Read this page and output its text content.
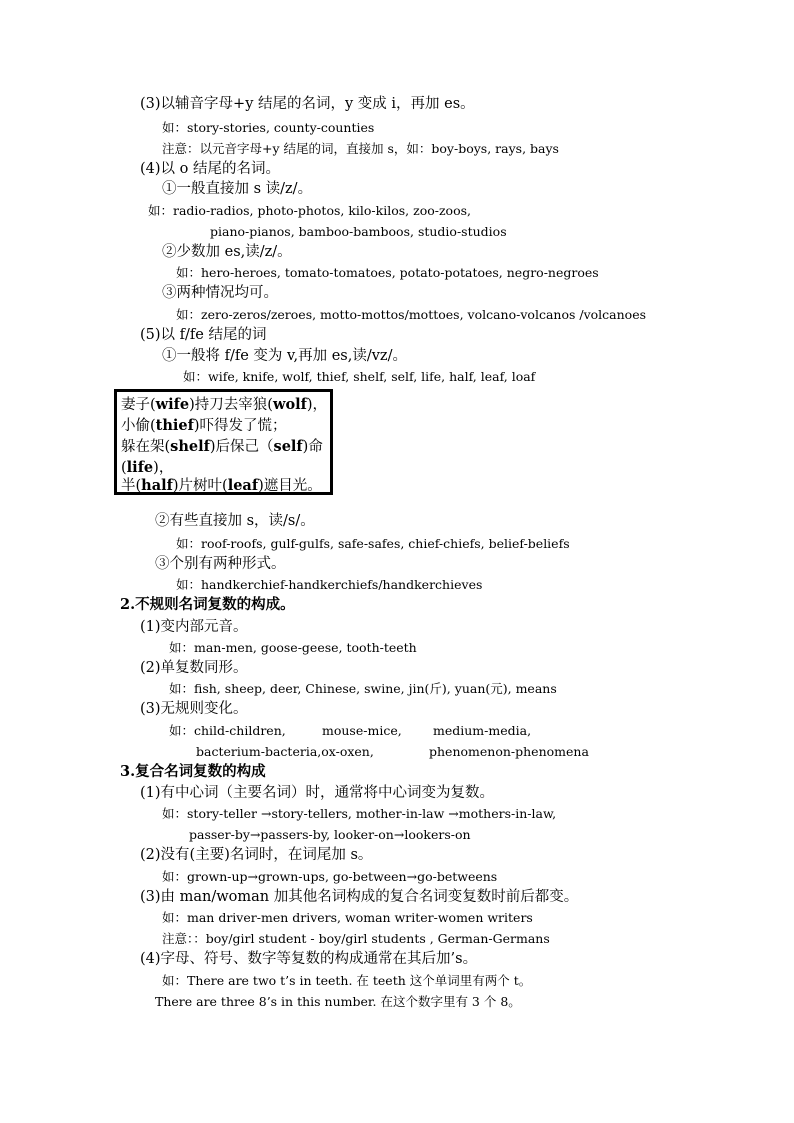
(3)以辅音字母+y 结尾的名词，y 变成 i，再加 es。
如：story-stories, county-counties
注意：以元音字母+y 结尾的词，直接加 s，如：boy-boys, rays, bays
(4)以 o 结尾的名词。
①一般直接加 s 读/z/。
如：radio-radios, photo-photos, kilo-kilos, zoo-zoos,
piano-pianos, bamboo-bamboos, studio-studios
②少数加 es,读/z/。
如：hero-heroes, tomato-tomatoes, potato-potatoes, negro-negroes
③两种情况均可。
如：zero-zeros/zeroes, motto-mottos/mottoes, volcano-volcanos /volcanoes
(5)以 f/fe 结尾的词
①一般将 f/fe 变为 v,再加 es,读/vz/。
如：wife, knife, wolf, thief, shelf, self, life, half, leaf, loaf
妻子(wife)持刀去宰狼(wolf)，
小偷(thief)吓得发了慌；
躲在架(shelf)后保己（self)命
(life)，
半(half)片树叶(leaf)遮目光。
②有些直接加 s，读/s/。
如：roof-roofs, gulf-gulfs, safe-safes, chief-chiefs, belief-beliefs
③个别有两种形式。
如：handkerchief-handkerchiefs/handkerchieves
2.不规则名词复数的构成。
(1)变内部元音。
如：man-men, goose-geese, tooth-teeth
(2)单复数同形。
如：fish, sheep, deer, Chinese, swine, jin(斤), yuan(元), means
(3)无规则变化。
如：child-children,	mouse-mice,	medium-media,
bacterium-bacteria,ox-oxen,	phenomenon-phenomena
3.复合名词复数的构成
(1)有中心词（主要名词）时，通常将中心词变为复数。
如：story-teller →story-tellers, mother-in-law →mothers-in-law,
passer-by→passers-by, looker-on→lookers-on
(2)没有(主要)名词时，在词尾加 s。
如：grown-up→grown-ups, go-between→go-betweens
(3)由 man/woman 加其他名词构成的复合名词变复数时前后都变。
如：man driver-men drivers, woman writer-women writers
注意：：boy/girl student - boy/girl students , German-Germans
(4)字母、符号、数字等复数的构成通常在其后加’s。
如：There are two t’s in teeth. 在 teeth 这个单词里有两个 t。
There are three 8’s in this number. 在这个数字里有 3 个 8。
